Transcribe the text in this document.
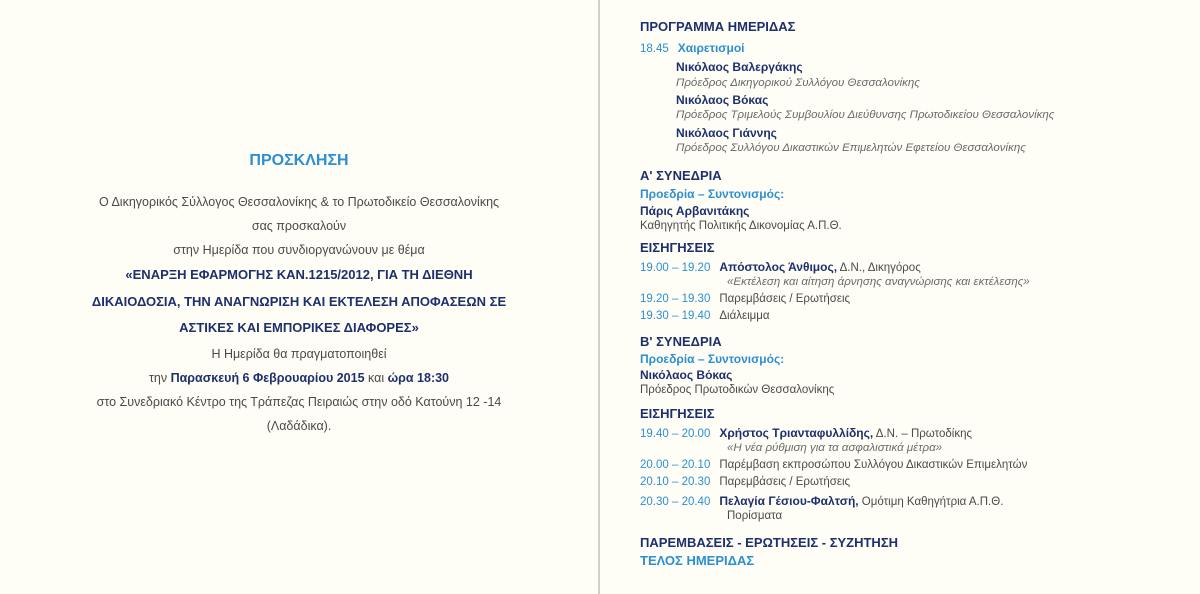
ΠΡΟΣΚΛΗΣΗ
Ο Δικηγορικός Σύλλογος Θεσσαλονίκης & το Πρωτοδικείο Θεσσαλονίκης
σας προσκαλούν
στην Ημερίδα που συνδιοργανώνουν με θέμα
«ΕΝΑΡΞΗ ΕΦΑΡΜΟΓΗΣ ΚΑΝ.1215/2012, ΓΙΑ ΤΗ ΔΙΕΘΝΗ
ΔΙΚΑΙΟΔΟΣΙΑ, ΤΗΝ ΑΝΑΓΝΩΡΙΣΗ ΚΑΙ ΕΚΤΕΛΕΣΗ ΑΠΟΦΑΣΕΩΝ ΣΕ
ΑΣΤΙΚΕΣ ΚΑΙ ΕΜΠΟΡΙΚΕΣ ΔΙΑΦΟΡΕΣ»
Η Ημερίδα θα πραγματοποιηθεί
την Παρασκευή 6 Φεβρουαρίου 2015 και ώρα 18:30
στο Συνεδριακό Κέντρο της Τράπεζας Πειραιώς στην οδό Κατούνη 12 -14
(Λαδάδικα).
ΠΡΟΓΡΑΜΜΑ ΗΜΕΡΙΔΑΣ
18.45 Χαιρετισμοί
Νικόλαος Βαλεργάκης
Πρόεδρος Δικηγορικού Συλλόγου Θεσσαλονίκης
Νικόλαος Βόκας
Πρόεδρος Τριμελούς Συμβουλίου Διεύθυνσης Πρωτοδικείου Θεσσαλονίκης
Νικόλαος Γιάννης
Πρόεδρος Συλλόγου Δικαστικών Επιμελητών Εφετείου Θεσσαλονίκης
Α' ΣΥΝΕΔΡΙΑ
Προεδρία – Συντονισμός:
Πάρις Αρβανιτάκης
Καθηγητής Πολιτικής Δικονομίας Α.Π.Θ.
ΕΙΣΗΓΗΣΕΙΣ
19.00 – 19.20 Απόστολος Άνθιμος, Δ.Ν., Δικηγόρος
«Εκτέλεση και αίτηση άρνησης αναγνώρισης και εκτέλεσης»
19.20 – 19.30 Παρεμβάσεις / Ερωτήσεις
19.30 – 19.40 Διάλειμμα
Β' ΣΥΝΕΔΡΙΑ
Προεδρία – Συντονισμός:
Νικόλαος Βόκας
Πρόεδρος Πρωτοδικών Θεσσαλονίκης
ΕΙΣΗΓΗΣΕΙΣ
19.40 – 20.00 Χρήστος Τριανταφυλλίδης, Δ.Ν. – Πρωτοδίκης
«Η νέα ρύθμιση για τα ασφαλιστικά μέτρα»
20.00 – 20.10 Παρέμβαση εκπροσώπου Συλλόγου Δικαστικών Επιμελητών
20.10 – 20.30 Παρεμβάσεις / Ερωτήσεις
20.30 – 20.40 Πελαγία Γέσιου-Φαλτσή, Ομότιμη Καθηγήτρια Α.Π.Θ.
Πορίσματα
ΠΑΡΕΜΒΑΣΕΙΣ - ΕΡΩΤΗΣΕΙΣ - ΣΥΖΗΤΗΣΗ
ΤΕΛΟΣ ΗΜΕΡΙΔΑΣ
